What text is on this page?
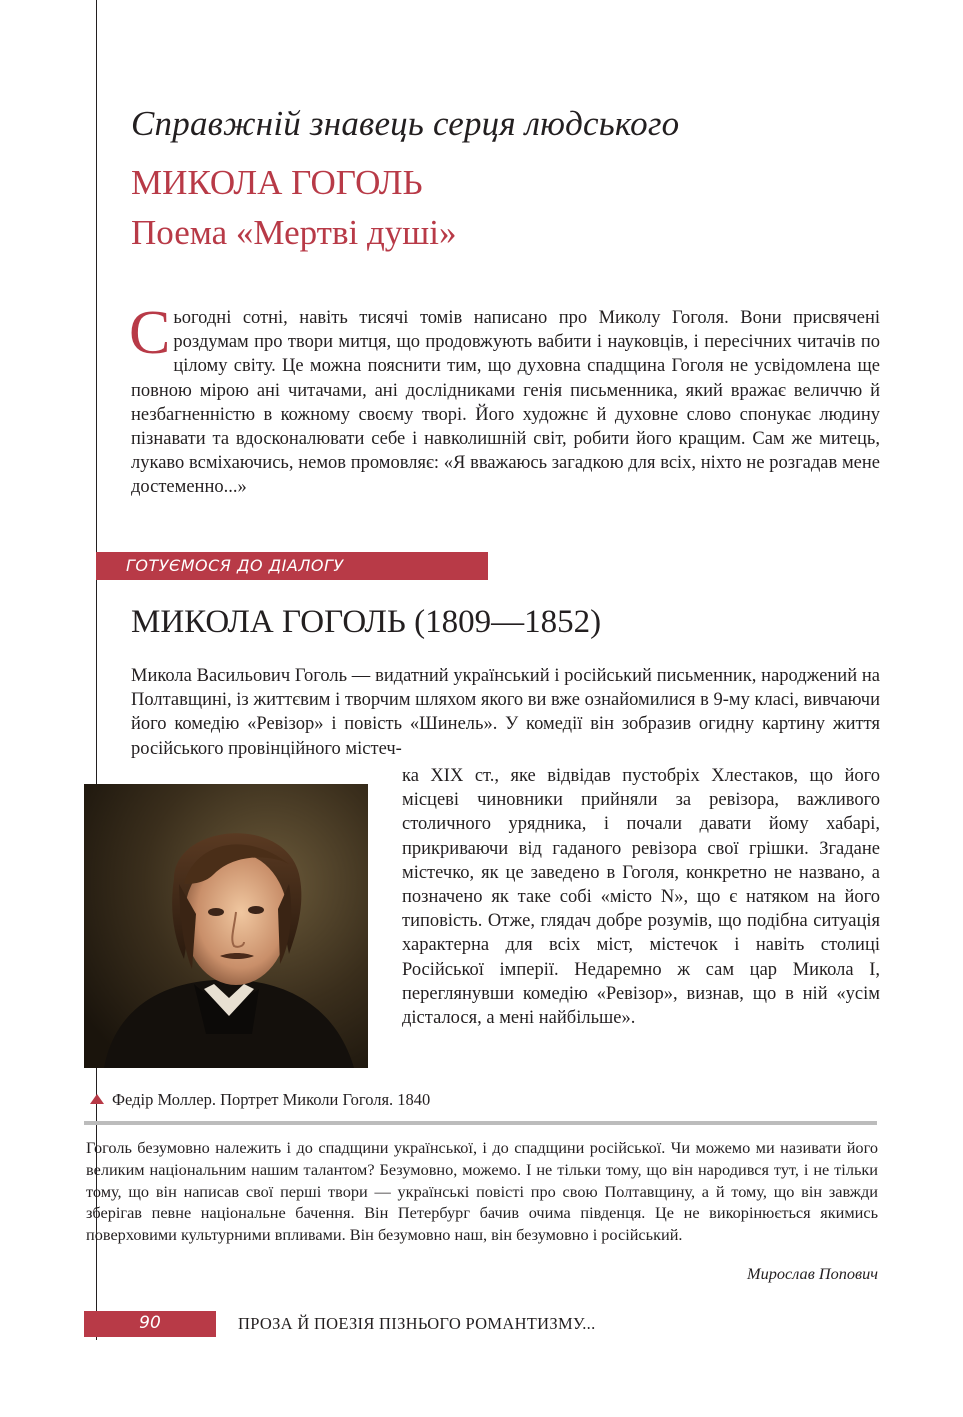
Справжній знавець серця людського
МИКОЛА ГОГОЛЬ
Поема «Мертві душі»

Сьогодні сотні, навіть тисячі томів написано про Миколу Гоголя. Вони присвячені роздумам про твори митця, що продовжують вабити і науковців, і пересічних читачів по цілому світу. Це можна пояснити тим, що духовна спадщина Гоголя не усвідомлена ще повною мірою ані читачами, ані дослідниками генія письменника, який вражає величчю й незбагненністю в кожному своєму творі. Його художнє й духовне слово спонукає людину пізнавати та вдосконалювати себе і навколишній світ, робити його кращим. Сам же митець, лукаво всміхаючись, немов промовляє: «Я вважаюсь загадкою для всіх, ніхто не розгадав мене достеменно...»

ГОТУЄМОСЯ ДО ДІАЛОГУ
МИКОЛА ГОГОЛЬ (1809—1852)

Микола Васильович Гоголь — видатний український і російський письменник, народжений на Полтавщині, із життєвим і творчим шляхом якого ви вже ознайомилися в 9-му класі, вивчаючи його комедію «Ревізор» і повість «Шинель». У комедії він зобразив огидну картину життя російського провінційного містеч-

ка XIX ст., яке відвідав пустобріх Хлестаков, що його місцеві чиновники прийняли за ревізора, важливого столичного урядника, і почали давати йому хабарі, прикриваючи від гаданого ревізора свої грішки. Згадане містечко, як це заведено в Гоголя, конкретно не названо, а позначено як таке собі «місто N», що є натяком на його типовість. Отже, глядач добре розумів, що подібна ситуація характерна для всіх міст, містечок і навіть столиці Російської імперії. Недаремно ж сам цар Микола І, переглянувши комедію «Ревізор», визнав, що в ній «усім дісталося, а мені найбільше».

Федір Моллер. Портрет Миколи Гоголя. 1840

Гоголь безумовно належить і до спадщини української, і до спадщини російської. Чи можемо ми називати його великим національним нашим талантом? Безумовно, можемо. І не тільки тому, що він народився тут, і не тільки тому, що він написав свої перші твори — українські повісті про свою Полтавщину, а й тому, що він завжди зберігав певне національне бачення. Він Петербург бачив очима південця. Це не викорінюється якимись поверховими культурними впливами. Він безумовно наш, він безумовно і російський.

Мирослав Попович
90	ПРОЗА Й ПОЕЗІЯ ПІЗНЬОГО РОМАНТИЗМУ...
